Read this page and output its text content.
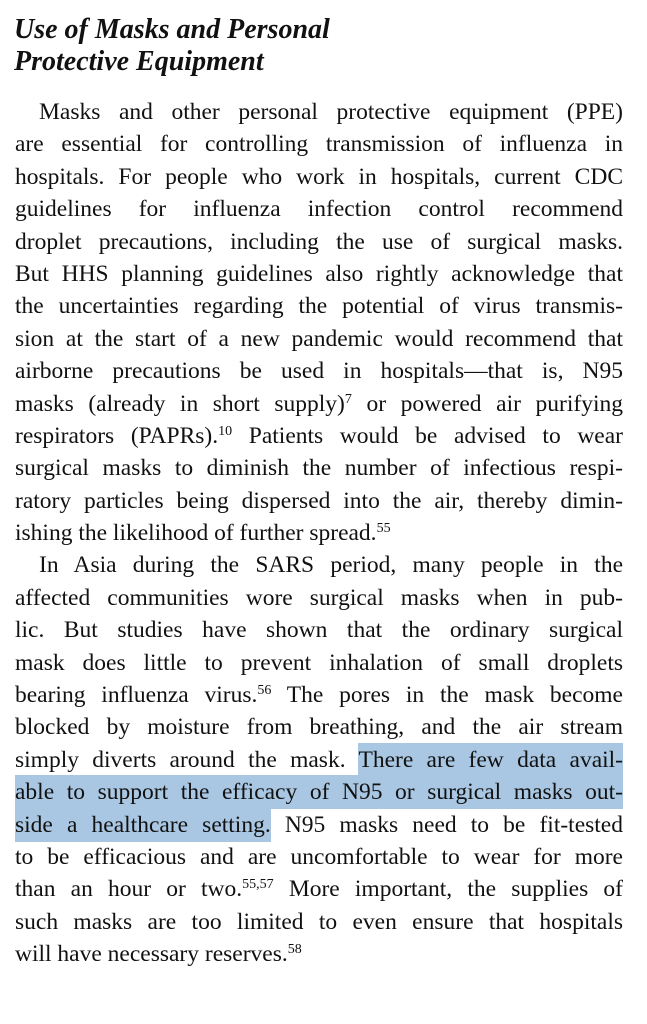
Use of Masks and Personal
Protective Equipment
Masks and other personal protective equipment (PPE)
are essential for controlling transmission of influenza in
hospitals. For people who work in hospitals, current CDC
guidelines for influenza infection control recommend
droplet precautions, including the use of surgical masks.
But HHS planning guidelines also rightly acknowledge that
the uncertainties regarding the potential of virus transmis-
sion at the start of a new pandemic would recommend that
airborne precautions be used in hospitals—that is, N95
masks (already in short supply)$^7$ or powered air purifying
respirators (PAPRs).$^{10}$ Patients would be advised to wear
surgical masks to diminish the number of infectious respi-
ratory particles being dispersed into the air, thereby dimin-
ishing the likelihood of further spread.$^{55}$
In Asia during the SARS period, many people in the
affected communities wore surgical masks when in pub-
lic. But studies have shown that the ordinary surgical
mask does little to prevent inhalation of small droplets
bearing influenza virus.$^{56}$ The pores in the mask become
blocked by moisture from breathing, and the air stream
simply diverts around the mask. There are few data avail-
able to support the efficacy of N95 or surgical masks out-
side a healthcare setting. N95 masks need to be fit-tested
to be efficacious and are uncomfortable to wear for more
than an hour or two.$^{55,57}$ More important, the supplies of
such masks are too limited to even ensure that hospitals
will have necessary reserves.$^{58}$
